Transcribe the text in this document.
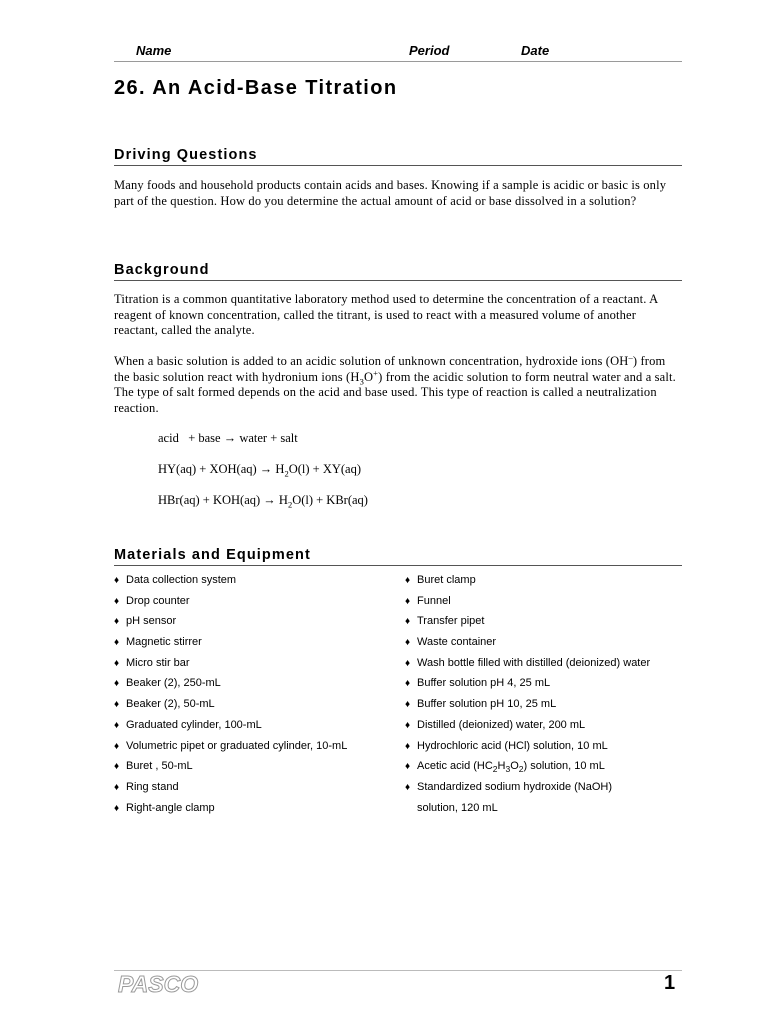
Name	Period	Date
26. An Acid-Base Titration
Driving Questions

Many foods and household products contain acids and bases. Knowing if a sample is acidic or basic is only part of the question. How do you determine the actual amount of acid or base dissolved in a solution?

Background

Titration is a common quantitative laboratory method used to determine the concentration of a reactant. A reagent of known concentration, called the titrant, is used to react with a measured volume of another reactant, called the analyte.

When a basic solution is added to an acidic solution of unknown concentration, hydroxide ions (OH–) from the basic solution react with hydronium ions $(H_3O^+)$ from the acidic solution to form neutral water and a salt. The type of salt formed depends on the acid and base used. This type of reaction is called a neutralization reaction.

acid   + base → water + salt

$HY(aq) + XOH(aq) \to H_2O(l) + XY(aq)$

$HBr(aq) + KOH(aq) \to H_2O(l) + KBr(aq)$

Materials and Equipment
♦ Data collection system
♦ Drop counter
♦ pH sensor
♦ Magnetic stirrer
♦ Micro stir bar
♦ Beaker (2), 250-mL
♦ Beaker (2), 50-mL
♦ Graduated cylinder, 100-mL
♦ Volumetric pipet or graduated cylinder, 10-mL
♦ Buret , 50-mL
♦ Ring stand
♦ Right-angle clamp
♦ Buret clamp
♦ Funnel
♦ Transfer pipet
♦ Waste container
♦ Wash bottle filled with distilled (deionized) water
♦ Buffer solution pH 4, 25 mL
♦ Buffer solution pH 10, 25 mL
♦ Distilled (deionized) water, 200 mL
♦ Hydrochloric acid (HCl) solution, 10 mL
♦ Acetic acid $(HC_2H_3O_2)$ solution, 10 mL
♦ Standardized sodium hydroxide (NaOH)
solution, 120 mL
PASCO	1
